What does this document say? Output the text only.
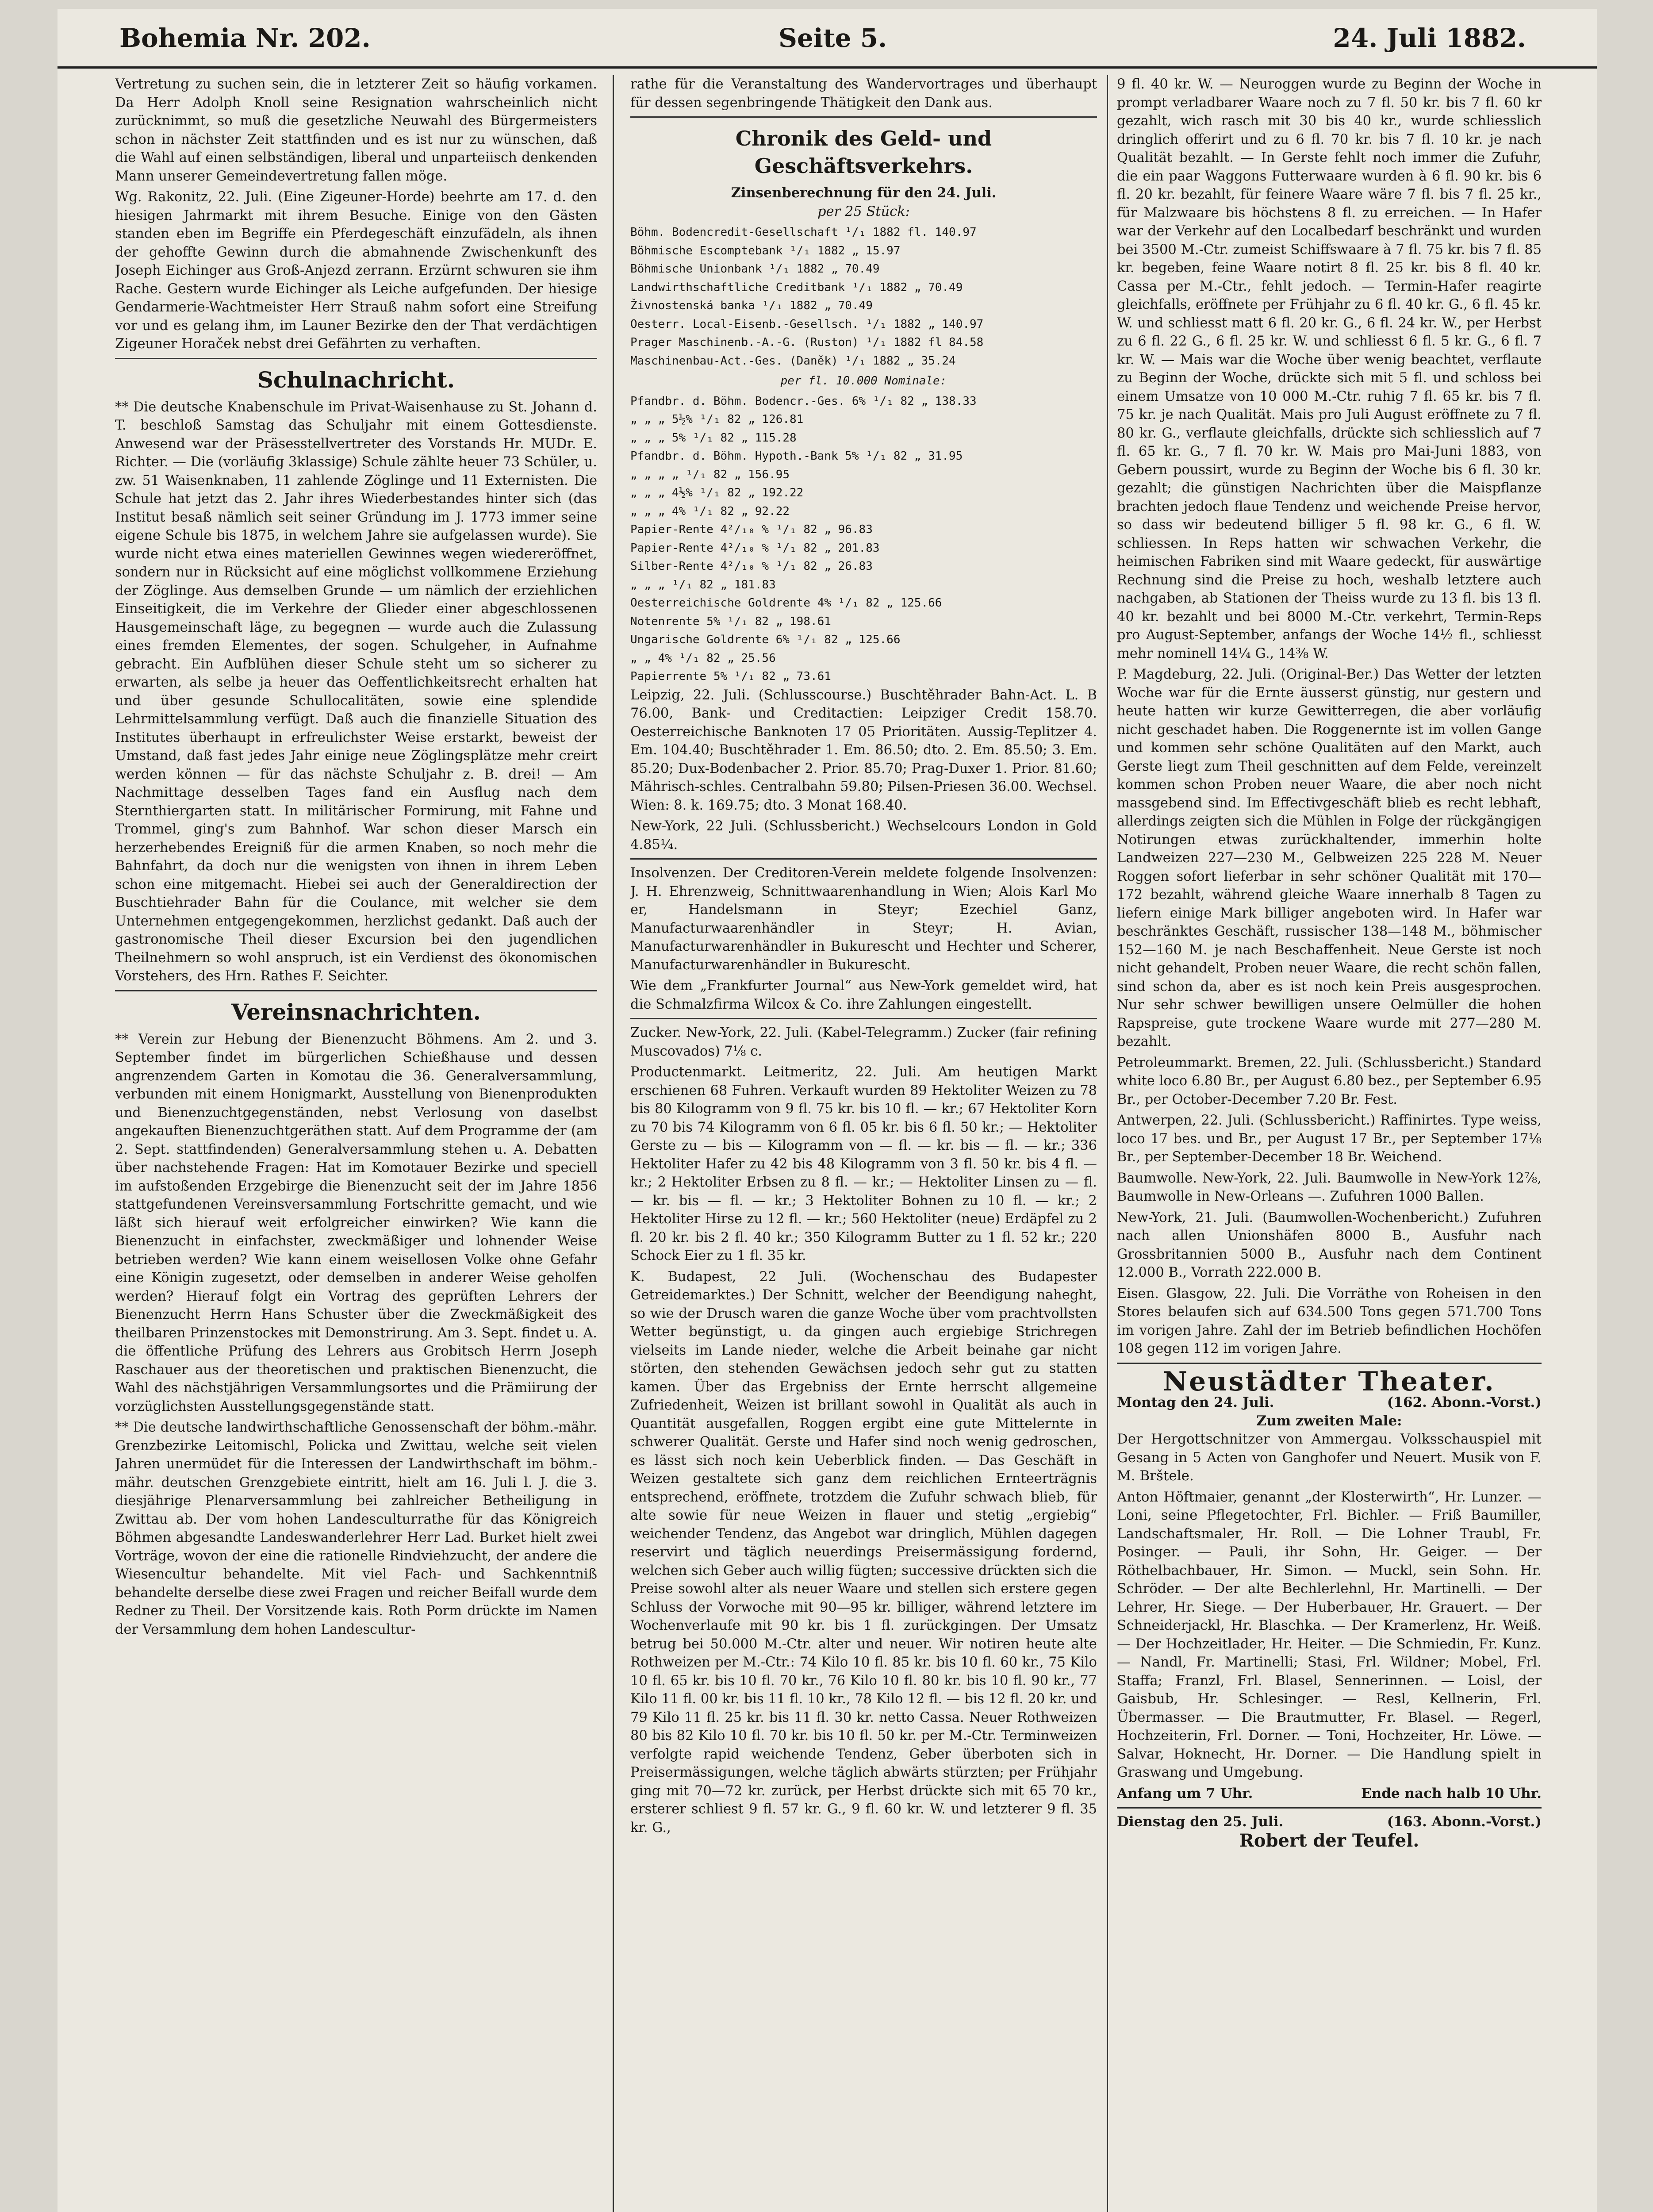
Bohemia Nr. 202.	Seite 5.	24. Juli 1882.

Vertretung zu suchen sein, die in letzterer Zeit so häufig vorkamen. Da Herr Adolph Knoll seine Resignation wahrscheinlich nicht zurücknimmt, so muß die gesetzliche Neuwahl des Bürgermeisters schon in nächster Zeit stattfinden und es ist nur zu wünschen, daß die Wahl auf einen selbständigen, liberal und unparteiisch denkenden Mann unserer Gemeindevertretung fallen möge.

Wg. Rakonitz, 22. Juli. (Eine Zigeuner-Horde) beehrte am 17. d. den hiesigen Jahrmarkt mit ihrem Besuche. Einige von den Gästen standen eben im Begriffe ein Pferdegeschäft einzufädeln, als ihnen der gehoffte Gewinn durch die abmahnende Zwischenkunft des Joseph Eichinger aus Groß-Anjezd zerrann. Erzürnt schwuren sie ihm Rache. Gestern wurde Eichinger als Leiche aufgefunden. Der hiesige Gendarmerie-Wachtmeister Herr Strauß nahm sofort eine Streifung vor und es gelang ihm, im Launer Bezirke den der That verdächtigen Zigeuner Horaček nebst drei Gefährten zu verhaften.

Schulnachricht.

** Die deutsche Knabenschule im Privat-Waisenhause zu St. Johann d. T. beschloß Samstag das Schuljahr mit einem Gottesdienste. Anwesend war der Präsesstellvertreter des Vorstands Hr. MUDr. E. Richter. — Die (vorläufig 3klassige) Schule zählte heuer 73 Schüler, u. zw. 51 Waisenknaben, 11 zahlende Zöglinge und 11 Externisten. Die Schule hat jetzt das 2. Jahr ihres Wiederbestandes hinter sich (das Institut besaß nämlich seit seiner Gründung im J. 1773 immer seine eigene Schule bis 1875, in welchem Jahre sie aufgelassen wurde). Sie wurde nicht etwa eines materiellen Gewinnes wegen wiedereröffnet, sondern nur in Rücksicht auf eine möglichst vollkommene Erziehung der Zöglinge. Aus demselben Grunde — um nämlich der erziehlichen Einseitigkeit, die im Verkehre der Glieder einer abgeschlossenen Hausgemeinschaft läge, zu begegnen — wurde auch die Zulassung eines fremden Elementes, der sogen. Schulgeher, in Aufnahme gebracht. Ein Aufblühen dieser Schule steht um so sicherer zu erwarten, als selbe ja heuer das Oeffentlichkeitsrecht erhalten hat und über gesunde Schullocalitäten, sowie eine splendide Lehrmittelsammlung verfügt. Daß auch die finanzielle Situation des Institutes überhaupt in erfreulichster Weise erstarkt, beweist der Umstand, daß fast jedes Jahr einige neue Zöglingsplätze mehr creirt werden können — für das nächste Schuljahr z. B. drei! — Am Nachmittage desselben Tages fand ein Ausflug nach dem Sternthiergarten statt. In militärischer Formirung, mit Fahne und Trommel, ging's zum Bahnhof. War schon dieser Marsch ein herzerhebendes Ereigniß für die armen Knaben, so noch mehr die Bahnfahrt, da doch nur die wenigsten von ihnen in ihrem Leben schon eine mitgemacht. Hiebei sei auch der Generaldirection der Buschtiehrader Bahn für die Coulance, mit welcher sie dem Unternehmen entgegengekommen, herzlichst gedankt. Daß auch der gastronomische Theil dieser Excursion bei den jugendlichen Theilnehmern so wohl anspruch, ist ein Verdienst des ökonomischen Vorstehers, des Hrn. Rathes F. Seichter.

Vereinsnachrichten.

** Verein zur Hebung der Bienenzucht Böhmens. Am 2. und 3. September findet im bürgerlichen Schießhause und dessen angrenzendem Garten in Komotau die 36. Generalversammlung, verbunden mit einem Honigmarkt, Ausstellung von Bienenprodukten und Bienenzuchtgegenständen, nebst Verlosung von daselbst angekauften Bienenzuchtgeräthen statt. Auf dem Programme der (am 2. Sept. stattfindenden) Generalversammlung stehen u. A. Debatten über nachstehende Fragen: Hat im Komotauer Bezirke und speciell im aufstoßenden Erzgebirge die Bienenzucht seit der im Jahre 1856 stattgefundenen Vereinsversammlung Fortschritte gemacht, und wie läßt sich hierauf weit erfolgreicher einwirken? Wie kann die Bienenzucht in einfachster, zweckmäßiger und lohnender Weise betrieben werden? Wie kann einem weisellosen Volke ohne Gefahr eine Königin zugesetzt, oder demselben in anderer Weise geholfen werden? Hierauf folgt ein Vortrag des geprüften Lehrers der Bienenzucht Herrn Hans Schuster über die Zweckmäßigkeit des theilbaren Prinzenstockes mit Demonstrirung. Am 3. Sept. findet u. A. die öffentliche Prüfung des Lehrers aus Grobitsch Herrn Joseph Raschauer aus der theoretischen und praktischen Bienenzucht, die Wahl des nächstjährigen Versammlungsortes und die Prämiirung der vorzüglichsten Ausstellungsgegenstände statt.

** Die deutsche landwirthschaftliche Genossenschaft der böhm.-mähr. Grenzbezirke Leitomischl, Policka und Zwittau, welche seit vielen Jahren unermüdet für die Interessen der Landwirthschaft im böhm.-mähr. deutschen Grenzgebiete eintritt, hielt am 16. Juli l. J. die 3. diesjährige Plenarversammlung bei zahlreicher Betheiligung in Zwittau ab. Der vom hohen Landesculturrathe für das Königreich Böhmen abgesandte Landeswanderlehrer Herr Lad. Burket hielt zwei Vorträge, wovon der eine die rationelle Rindviehzucht, der andere die Wiesencultur behandelte. Mit viel Fach- und Sachkenntniß behandelte derselbe diese zwei Fragen und reicher Beifall wurde dem Redner zu Theil. Der Vorsitzende kais. Roth Porm drückte im Namen der Versammlung dem hohen Landescultur-

rathe für die Veranstaltung des Wandervortrages und überhaupt für dessen segenbringende Thätigkeit den Dank aus.

Chronik des Geld- und Geschäftsverkehrs.

Zinsenberechnung für den 24. Juli.

per 25 Stück:

Böhm. Bodencredit-Gesellschaft ¹/₁ 1882 fl. 140.97
Böhmische Escomptebank ¹/₁ 1882 „ 15.97
Böhmische Unionbank ¹/₁ 1882 „ 70.49
Landwirthschaftliche Creditbank ¹/₁ 1882 „ 70.49
Živnostenská banka ¹/₁ 1882 „ 70.49
Oesterr. Local-Eisenb.-Gesellsch. ¹/₁ 1882 „ 140.97
Prager Maschinenb.-A.-G. (Ruston) ¹/₁ 1882 fl 84.58
Maschinenbau-Act.-Ges. (Daněk) ¹/₁ 1882 „ 35.24
per fl. 10.000 Nominale:
Pfandbr. d. Böhm. Bodencr.-Ges. 6% ¹/₁ 82 „ 138.33
„ „ „ 5½% ¹/₁ 82 „ 126.81
„ „ „ 5% ¹/₁ 82 „ 115.28
Pfandbr. d. Böhm. Hypoth.-Bank 5% ¹/₁ 82 „ 31.95
„ „ „ „ ¹/₁ 82 „ 156.95
„ „ „ 4½% ¹/₁ 82 „ 192.22
„ „ „ 4% ¹/₁ 82 „ 92.22
Papier-Rente 4²/₁₀ % ¹/₁ 82 „ 96.83
Papier-Rente 4²/₁₀ % ¹/₁ 82 „ 201.83
Silber-Rente 4²/₁₀ % ¹/₁ 82 „ 26.83
„ „ „ ¹/₁ 82 „ 181.83
Oesterreichische Goldrente 4% ¹/₁ 82 „ 125.66
Notenrente 5% ¹/₁ 82 „ 198.61
Ungarische Goldrente 6% ¹/₁ 82 „ 125.66
„ „ 4% ¹/₁ 82 „ 25.56
Papierrente 5% ¹/₁ 82 „ 73.61

Leipzig, 22. Juli. (Schlusscourse.) Buschtěhrader Bahn-Act. L. B 76.00, Bank- und Creditactien: Leipziger Credit 158.70. Oesterreichische Banknoten 17 05 Prioritäten. Aussig-Teplitzer 4. Em. 104.40; Buschtěhrader 1. Em. 86.50; dto. 2. Em. 85.50; 3. Em. 85.20; Dux-Bodenbacher 2. Prior. 85.70; Prag-Duxer 1. Prior. 81.60; Mährisch-schles. Centralbahn 59.80; Pilsen-Priesen 36.00. Wechsel. Wien: 8. k. 169.75; dto. 3 Monat 168.40.

New-York, 22 Juli. (Schlussbericht.) Wechselcours London in Gold 4.85¼.

Insolvenzen. Der Creditoren-Verein meldete folgende Insolvenzen: J. H. Ehrenzweig, Schnittwaarenhandlung in Wien; Alois Karl Mo er, Handelsmann in Steyr; Ezechiel Ganz, Manufacturwaarenhändler in Steyr; H. Avian, Manufacturwarenhändler in Bukurescht und Hechter und Scherer, Manufacturwarenhändler in Bukurescht.

Wie dem „Frankfurter Journal“ aus New-York gemeldet wird, hat die Schmalzfirma Wilcox & Co. ihre Zahlungen eingestellt.

Zucker. New-York, 22. Juli. (Kabel-Telegramm.) Zucker (fair refining Muscovados) 7⅛ c.

Productenmarkt. Leitmeritz, 22. Juli. Am heutigen Markt erschienen 68 Fuhren. Verkauft wurden 89 Hektoliter Weizen zu 78 bis 80 Kilogramm von 9 fl. 75 kr. bis 10 fl. — kr.; 67 Hektoliter Korn zu 70 bis 74 Kilogramm von 6 fl. 05 kr. bis 6 fl. 50 kr.; — Hektoliter Gerste zu — bis — Kilogramm von — fl. — kr. bis — fl. — kr.; 336 Hektoliter Hafer zu 42 bis 48 Kilogramm von 3 fl. 50 kr. bis 4 fl. — kr.; 2 Hektoliter Erbsen zu 8 fl. — kr.; — Hektoliter Linsen zu — fl. — kr. bis — fl. — kr.; 3 Hektoliter Bohnen zu 10 fl. — kr.; 2 Hektoliter Hirse zu 12 fl. — kr.; 560 Hektoliter (neue) Erdäpfel zu 2 fl. 20 kr. bis 2 fl. 40 kr.; 350 Kilogramm Butter zu 1 fl. 52 kr.; 220 Schock Eier zu 1 fl. 35 kr.

K. Budapest, 22 Juli. (Wochenschau des Budapester Getreidemarktes.) Der Schnitt, welcher der Beendigung naheght, so wie der Drusch waren die ganze Woche über vom prachtvollsten Wetter begünstigt, u. da gingen auch ergiebige Strichregen vielseits im Lande nieder, welche die Arbeit beinahe gar nicht störten, den stehenden Gewächsen jedoch sehr gut zu statten kamen. Über das Ergebniss der Ernte herrscht allgemeine Zufriedenheit, Weizen ist brillant sowohl in Qualität als auch in Quantität ausgefallen, Roggen ergibt eine gute Mittelernte in schwerer Qualität. Gerste und Hafer sind noch wenig gedroschen, es lässt sich noch kein Ueberblick finden. — Das Geschäft in Weizen gestaltete sich ganz dem reichlichen Ernteerträgnis entsprechend, eröffnete, trotzdem die Zufuhr schwach blieb, für alte sowie für neue Weizen in flauer und stetig „ergiebig“ weichender Tendenz, das Angebot war dringlich, Mühlen dagegen reservirt und täglich neuerdings Preisermässigung fordernd, welchen sich Geber auch willig fügten; successive drückten sich die Preise sowohl alter als neuer Waare und stellen sich erstere gegen Schluss der Vorwoche mit 90—95 kr. billiger, während letztere im Wochenverlaufe mit 90 kr. bis 1 fl. zurückgingen. Der Umsatz betrug bei 50.000 M.-Ctr. alter und neuer. Wir notiren heute alte Rothweizen per M.-Ctr.: 74 Kilo 10 fl. 85 kr. bis 10 fl. 60 kr., 75 Kilo 10 fl. 65 kr. bis 10 fl. 70 kr., 76 Kilo 10 fl. 80 kr. bis 10 fl. 90 kr., 77 Kilo 11 fl. 00 kr. bis 11 fl. 10 kr., 78 Kilo 12 fl. — bis 12 fl. 20 kr. und 79 Kilo 11 fl. 25 kr. bis 11 fl. 30 kr. netto Cassa. Neuer Rothweizen 80 bis 82 Kilo 10 fl. 70 kr. bis 10 fl. 50 kr. per M.-Ctr. Terminweizen verfolgte rapid weichende Tendenz, Geber überboten sich in Preisermässigungen, welche täglich abwärts stürzten; per Frühjahr ging mit 70—72 kr. zurück, per Herbst drückte sich mit 65 70 kr., ersterer schliest 9 fl. 57 kr. G., 9 fl. 60 kr. W. und letzterer 9 fl. 35 kr. G.,

9 fl. 40 kr. W. — Neuroggen wurde zu Beginn der Woche in prompt verladbarer Waare noch zu 7 fl. 50 kr. bis 7 fl. 60 kr gezahlt, wich rasch mit 30 bis 40 kr., wurde schliesslich dringlich offerirt und zu 6 fl. 70 kr. bis 7 fl. 10 kr. je nach Qualität bezahlt. — In Gerste fehlt noch immer die Zufuhr, die ein paar Waggons Futterwaare wurden à 6 fl. 90 kr. bis 6 fl. 20 kr. bezahlt, für feinere Waare wäre 7 fl. bis 7 fl. 25 kr., für Malzwaare bis höchstens 8 fl. zu erreichen. — In Hafer war der Verkehr auf den Localbedarf beschränkt und wurden bei 3500 M.-Ctr. zumeist Schiffswaare à 7 fl. 75 kr. bis 7 fl. 85 kr. begeben, feine Waare notirt 8 fl. 25 kr. bis 8 fl. 40 kr. Cassa per M.-Ctr., fehlt jedoch. — Termin-Hafer reagirte gleichfalls, eröffnete per Frühjahr zu 6 fl. 40 kr. G., 6 fl. 45 kr. W. und schliesst matt 6 fl. 20 kr. G., 6 fl. 24 kr. W., per Herbst zu 6 fl. 22 G., 6 fl. 25 kr. W. und schliesst 6 fl. 5 kr. G., 6 fl. 7 kr. W. — Mais war die Woche über wenig beachtet, verflaute zu Beginn der Woche, drückte sich mit 5 fl. und schloss bei einem Umsatze von 10 000 M.-Ctr. ruhig 7 fl. 65 kr. bis 7 fl. 75 kr. je nach Qualität. Mais pro Juli August eröffnete zu 7 fl. 80 kr. G., verflaute gleichfalls, drückte sich schliesslich auf 7 fl. 65 kr. G., 7 fl. 70 kr. W. Mais pro Mai-Juni 1883, von Gebern poussirt, wurde zu Beginn der Woche bis 6 fl. 30 kr. gezahlt; die günstigen Nachrichten über die Maispflanze brachten jedoch flaue Tendenz und weichende Preise hervor, so dass wir bedeutend billiger 5 fl. 98 kr. G., 6 fl. W. schliessen. In Reps hatten wir schwachen Verkehr, die heimischen Fabriken sind mit Waare gedeckt, für auswärtige Rechnung sind die Preise zu hoch, weshalb letztere auch nachgaben, ab Stationen der Theiss wurde zu 13 fl. bis 13 fl. 40 kr. bezahlt und bei 8000 M.-Ctr. verkehrt, Termin-Reps pro August-September, anfangs der Woche 14½ fl., schliesst mehr nominell 14¼ G., 14⅜ W.

P. Magdeburg, 22. Juli. (Original-Ber.) Das Wetter der letzten Woche war für die Ernte äusserst günstig, nur gestern und heute hatten wir kurze Gewitterregen, die aber vorläufig nicht geschadet haben. Die Roggenernte ist im vollen Gange und kommen sehr schöne Qualitäten auf den Markt, auch Gerste liegt zum Theil geschnitten auf dem Felde, vereinzelt kommen schon Proben neuer Waare, die aber noch nicht massgebend sind. Im Effectivgeschäft blieb es recht lebhaft, allerdings zeigten sich die Mühlen in Folge der rückgängigen Notirungen etwas zurückhaltender, immerhin holte Landweizen 227—230 M., Gelbweizen 225 228 M. Neuer Roggen sofort lieferbar in sehr schöner Qualität mit 170—172 bezahlt, während gleiche Waare innerhalb 8 Tagen zu liefern einige Mark billiger angeboten wird. In Hafer war beschränktes Geschäft, russischer 138—148 M., böhmischer 152—160 M. je nach Beschaffenheit. Neue Gerste ist noch nicht gehandelt, Proben neuer Waare, die recht schön fallen, sind schon da, aber es ist noch kein Preis ausgesprochen. Nur sehr schwer bewilligen unsere Oelmüller die hohen Rapspreise, gute trockene Waare wurde mit 277—280 M. bezahlt.

Petroleummarkt. Bremen, 22. Juli. (Schlussbericht.) Standard white loco 6.80 Br., per August 6.80 bez., per September 6.95 Br., per October-December 7.20 Br. Fest.

Antwerpen, 22. Juli. (Schlussbericht.) Raffinirtes. Type weiss, loco 17 bes. und Br., per August 17 Br., per September 17⅛ Br., per September-December 18 Br. Weichend.

Baumwolle. New-York, 22. Juli. Baumwolle in New-York 12⅞, Baumwolle in New-Orleans —. Zufuhren 1000 Ballen.

New-York, 21. Juli. (Baumwollen-Wochenbericht.) Zufuhren nach allen Unionshäfen 8000 B., Ausfuhr nach Grossbritannien 5000 B., Ausfuhr nach dem Continent 12.000 B., Vorrath 222.000 B.

Eisen. Glasgow, 22. Juli. Die Vorräthe von Roheisen in den Stores belaufen sich auf 634.500 Tons gegen 571.700 Tons im vorigen Jahre. Zahl der im Betrieb befindlichen Hochöfen 108 gegen 112 im vorigen Jahre.

Neustädter Theater.
Montag den 24. Juli.	(162. Abonn.-Vorst.)
Zum zweiten Male:

Der Hergottschnitzer von Ammergau. Volksschauspiel mit Gesang in 5 Acten von Ganghofer und Neuert. Musik von F. M. Brštele.

Anton Höftmaier, genannt „der Klosterwirth“, Hr. Lunzer. — Loni, seine Pflegetochter, Frl. Bichler. — Friß Baumiller, Landschaftsmaler, Hr. Roll. — Die Lohner Traubl, Fr. Posinger. — Pauli, ihr Sohn, Hr. Geiger. — Der Röthelbachbauer, Hr. Simon. — Muckl, sein Sohn. Hr. Schröder. — Der alte Bechlerlehnl, Hr. Martinelli. — Der Lehrer, Hr. Siege. — Der Huberbauer, Hr. Grauert. — Der Schneiderjackl, Hr. Blaschka. — Der Kramerlenz, Hr. Weiß. — Der Hochzeitlader, Hr. Heiter. — Die Schmiedin, Fr. Kunz. — Nandl, Fr. Martinelli; Stasi, Frl. Wildner; Mobel, Frl. Staffa; Franzl, Frl. Blasel, Sennerinnen. — Loisl, der Gaisbub, Hr. Schlesinger. — Resl, Kellnerin, Frl. Übermasser. — Die Brautmutter, Fr. Blasel. — Regerl, Hochzeiterin, Frl. Dorner. — Toni, Hochzeiter, Hr. Löwe. — Salvar, Hoknecht, Hr. Dorner. — Die Handlung spielt in Graswang und Umgebung.

Anfang um 7 Uhr.	Ende nach halb 10 Uhr.
Dienstag den 25. Juli.	(163. Abonn.-Vorst.)
Robert der Teufel.
